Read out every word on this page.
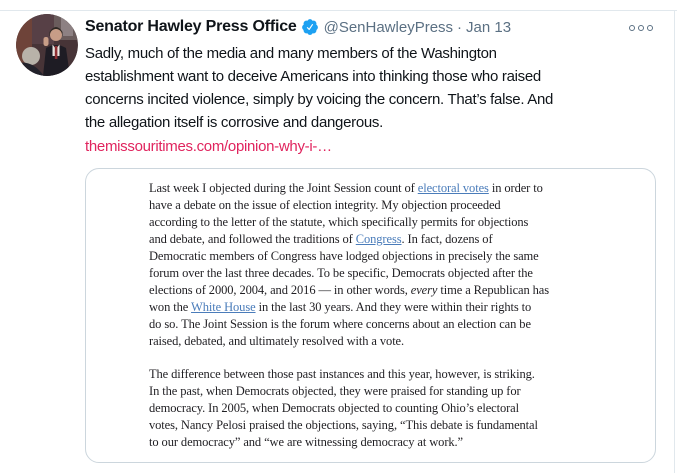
Senator Hawley Press Office @SenHawleyPress · Jan 13
Sadly, much of the media and many members of the Washington
establishment want to deceive Americans into thinking those who raised
concerns incited violence, simply by voicing the concern. That’s false. And
the allegation itself is corrosive and dangerous.
themissouritimes.com/opinion-why-i-…
Last week I objected during the Joint Session count of electoral votes in order to
have a debate on the issue of election integrity. My objection proceeded
according to the letter of the statute, which specifically permits for objections
and debate, and followed the traditions of Congress. In fact, dozens of
Democratic members of Congress have lodged objections in precisely the same
forum over the last three decades. To be specific, Democrats objected after the
elections of 2000, 2004, and 2016 — in other words, every time a Republican has
won the White House in the last 30 years. And they were within their rights to
do so. The Joint Session is the forum where concerns about an election can be
raised, debated, and ultimately resolved with a vote.
The difference between those past instances and this year, however, is striking.
In the past, when Democrats objected, they were praised for standing up for
democracy. In 2005, when Democrats objected to counting Ohio’s electoral
votes, Nancy Pelosi praised the objections, saying, “This debate is fundamental
to our democracy” and “we are witnessing democracy at work.”
